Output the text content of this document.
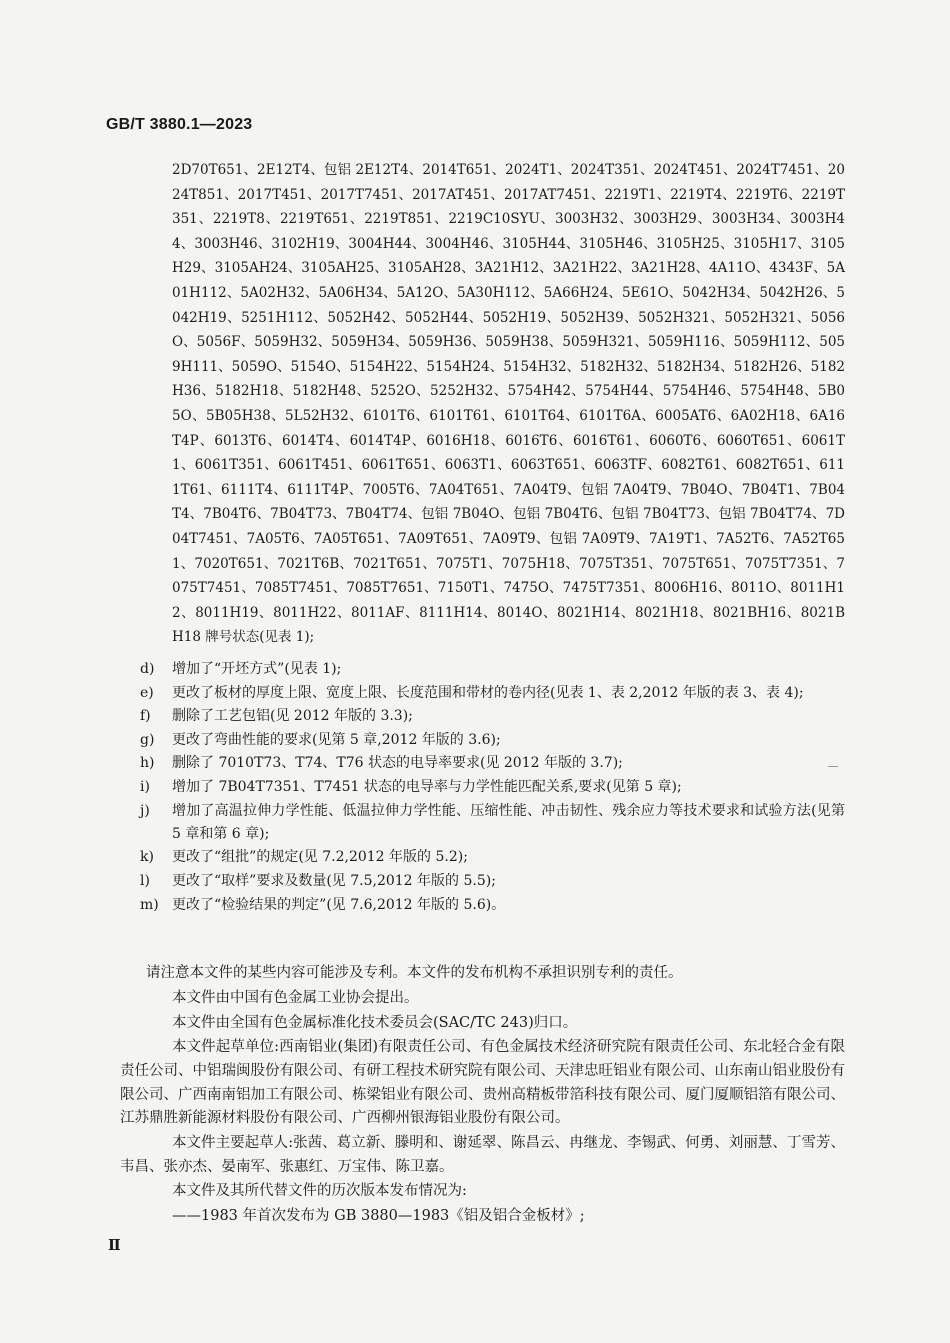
GB/T 3880.1—2023
2D70T651、2E12T4、包铝 2E12T4、2014T651、2024T1、2024T351、2024T451、2024T7451、2024T851、2017T451、2017T7451、2017AT451、2017AT7451、2219T1、2219T4、2219T6、2219T351、2219T8、2219T651、2219T851、2219C10SYU、3003H32、3003H29、3003H34、3003H44、3003H46、3102H19、3004H44、3004H46、3105H44、3105H46、3105H25、3105H17、3105H29、3105AH24、3105AH25、3105AH28、3A21H12、3A21H22、3A21H28、4A11O、4343F、5A01H112、5A02H32、5A06H34、5A12O、5A30H112、5A66H24、5E61O、5042H34、5042H26、5042H19、5251H112、5052H42、5052H44、5052H19、5052H39、5052H321、5052H321、5056O、5056F、5059H32、5059H34、5059H36、5059H38、5059H321、5059H116、5059H112、5059H111、5059O、5154O、5154H22、5154H24、5154H32、5182H32、5182H34、5182H26、5182H36、5182H18、5182H48、5252O、5252H32、5754H42、5754H44、5754H46、5754H48、5B05O、5B05H38、5L52H32、6101T6、6101T61、6101T64、6101T6A、6005AT6、6A02H18、6A16T4P、6013T6、6014T4、6014T4P、6016H18、6016T6、6016T61、6060T6、6060T651、6061T1、6061T351、6061T451、6061T651、6063T1、6063T651、6063TF、6082T61、6082T651、6111T61、6111T4、6111T4P、7005T6、7A04T651、7A04T9、包铝 7A04T9、7B04O、7B04T1、7B04T4、7B04T6、7B04T73、7B04T74、包铝 7B04O、包铝 7B04T6、包铝 7B04T73、包铝 7B04T74、7D04T7451、7A05T6、7A05T651、7A09T651、7A09T9、包铝 7A09T9、7A19T1、7A52T6、7A52T651、7020T651、7021T6B、7021T651、7075T1、7075H18、7075T351、7075T651、7075T7351、7075T7451、7085T7451、7085T7651、7150T1、7475O、7475T7351、8006H16、8011O、8011H12、8011H19、8011H22、8011AF、8111H14、8014O、8021H14、8021H18、8021BH16、8021BH18 牌号状态(见表 1);
d)	增加了“开坯方式”(见表 1);
e)	更改了板材的厚度上限、宽度上限、长度范围和带材的卷内径(见表 1、表 2,2012 年版的表 3、表 4);
f)	删除了工艺包铝(见 2012 年版的 3.3);
g)	更改了弯曲性能的要求(见第 5 章,2012 年版的 3.6);
h)	删除了 7010T73、T74、T76 状态的电导率要求(见 2012 年版的 3.7);
i)	增加了 7B04T7351、T7451 状态的电导率与力学性能匹配关系,要求(见第 5 章);
j)	增加了高温拉伸力学性能、低温拉伸力学性能、压缩性能、冲击韧性、残余应力等技术要求和试验方法(见第 5 章和第 6 章);
k)	更改了“组批”的规定(见 7.2,2012 年版的 5.2);
l)	更改了“取样”要求及数量(见 7.5,2012 年版的 5.5);
m) 更改了“检验结果的判定”(见 7.6,2012 年版的 5.6)。

请注意本文件的某些内容可能涉及专利。本文件的发布机构不承担识别专利的责任。

本文件由中国有色金属工业协会提出。

本文件由全国有色金属标准化技术委员会(SAC/TC 243)归口。

本文件起草单位:西南铝业(集团)有限责任公司、有色金属技术经济研究院有限责任公司、东北轻合金有限责任公司、中铝瑞闽股份有限公司、有研工程技术研究院有限公司、天津忠旺铝业有限公司、山东南山铝业股份有限公司、广西南南铝加工有限公司、栋梁铝业有限公司、贵州高精板带箔科技有限公司、厦门厦顺铝箔有限公司、江苏鼎胜新能源材料股份有限公司、广西柳州银海铝业股份有限公司。

本文件主要起草人:张茜、葛立新、滕明和、谢延翠、陈昌云、冉继龙、李锡武、何勇、刘丽慧、丁雪芳、韦昌、张亦杰、晏南军、张惠红、万宝伟、陈卫嘉。

本文件及其所代替文件的历次版本发布情况为:

——1983 年首次发布为 GB 3880—1983《铝及铝合金板材》;

Ⅱ
